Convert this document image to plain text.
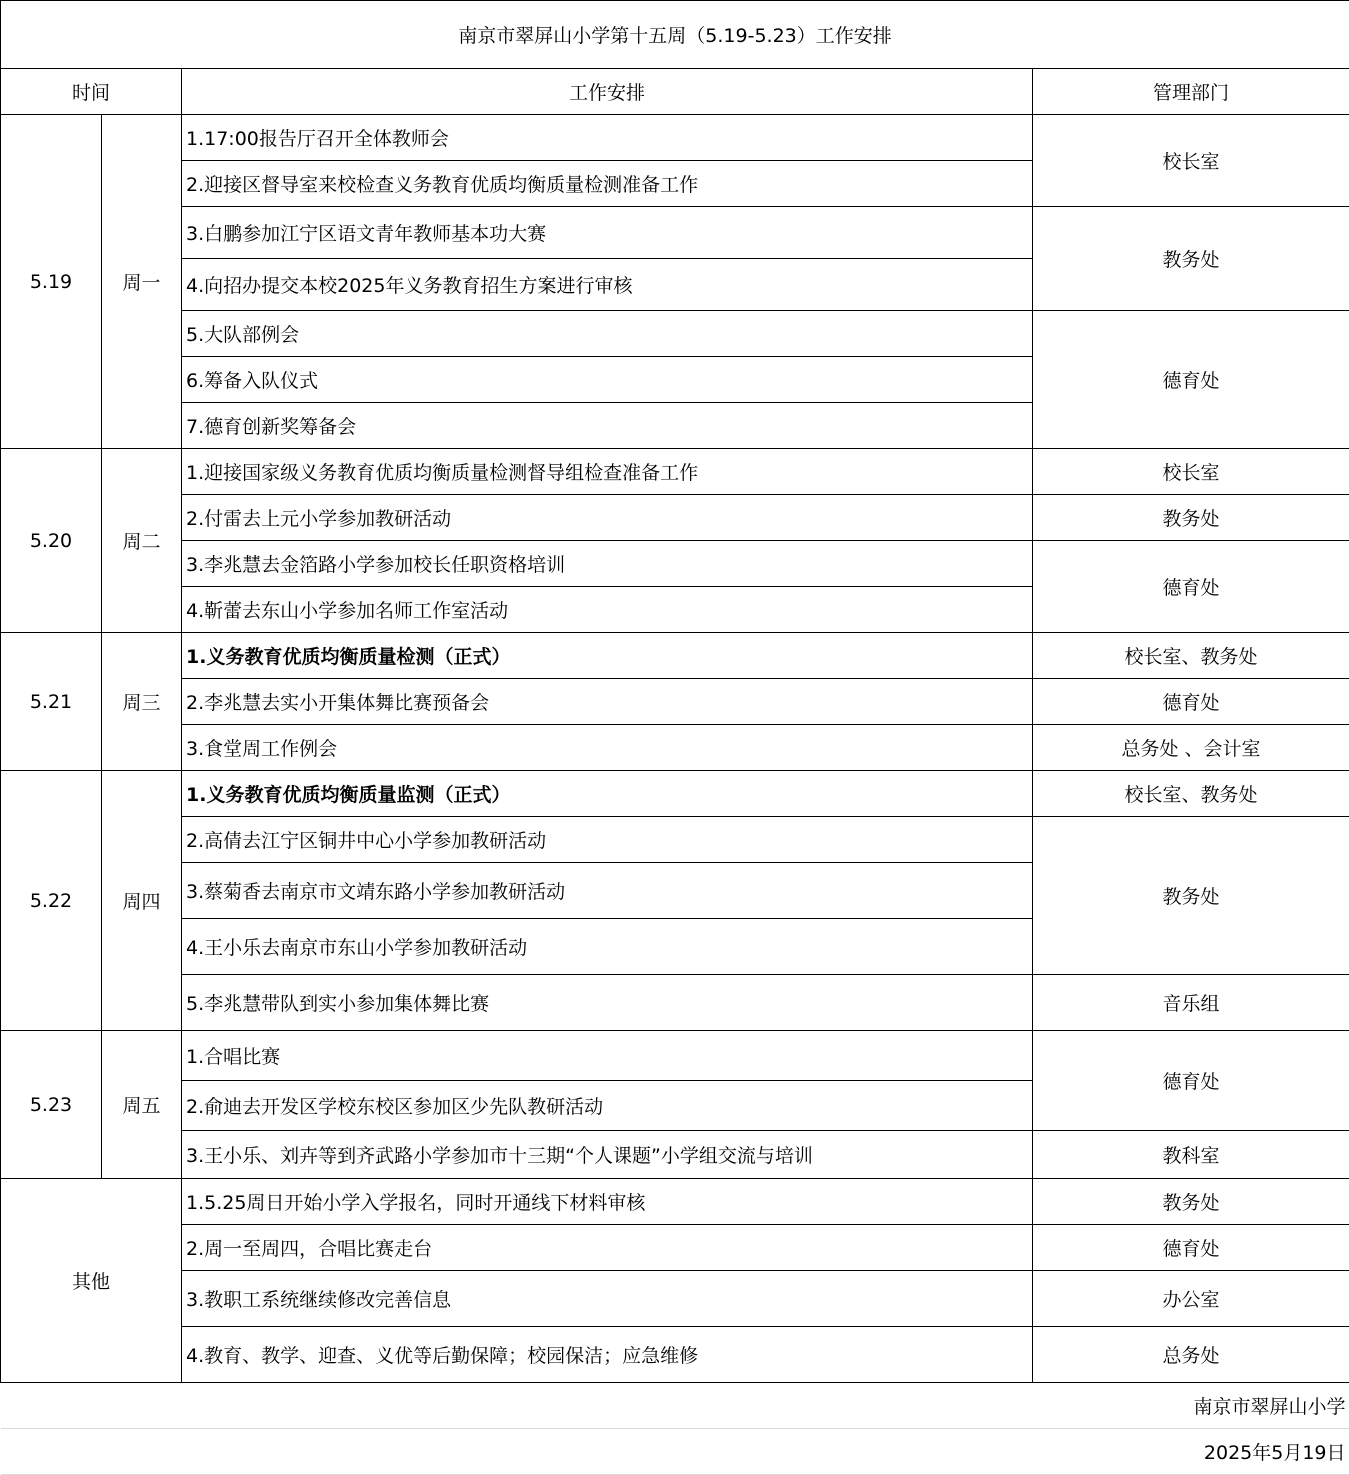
南京市翠屏山小学第十五周（5.19-5.23）工作安排			
时间		工作安排	管理部门
5.19	周一	1.17:00报告厅召开全体教师会	校长室
		2.迎接区督导室来校检查义务教育优质均衡质量检测准备工作	
		3.白鹏参加江宁区语文青年教师基本功大赛	教务处
		4.向招办提交本校2025年义务教育招生方案进行审核	
		5.大队部例会	德育处
		6.筹备入队仪式	
		7.德育创新奖筹备会	
5.20	周二	1.迎接国家级义务教育优质均衡质量检测督导组检查准备工作	校长室
		2.付雷去上元小学参加教研活动	教务处
		3.李兆慧去金箔路小学参加校长任职资格培训	德育处
		4.靳蕾去东山小学参加名师工作室活动	
5.21	周三	1.义务教育优质均衡质量检测（正式）	校长室、教务处
		2.李兆慧去实小开集体舞比赛预备会	德育处
		3.食堂周工作例会	总务处 、会计室
5.22	周四	1.义务教育优质均衡质量监测（正式）	校长室、教务处
		2.高倩去江宁区铜井中心小学参加教研活动	教务处
		3.蔡菊香去南京市文靖东路小学参加教研活动	
		4.王小乐去南京市东山小学参加教研活动	
		5.李兆慧带队到实小参加集体舞比赛	音乐组
5.23	周五	1.合唱比赛	德育处
		2.俞迪去开发区学校东校区参加区少先队教研活动	
		3.王小乐、刘卉等到齐武路小学参加市十三期“个人课题”小学组交流与培训	教科室
其他		1.5.25周日开始小学入学报名，同时开通线下材料审核	教务处
		2.周一至周四，合唱比赛走台	德育处
		3.教职工系统继续修改完善信息	办公室
		4.教育、教学、迎查、义优等后勤保障；校园保洁；应急维修	总务处
南京市翠屏山小学			
2025年5月19日			
